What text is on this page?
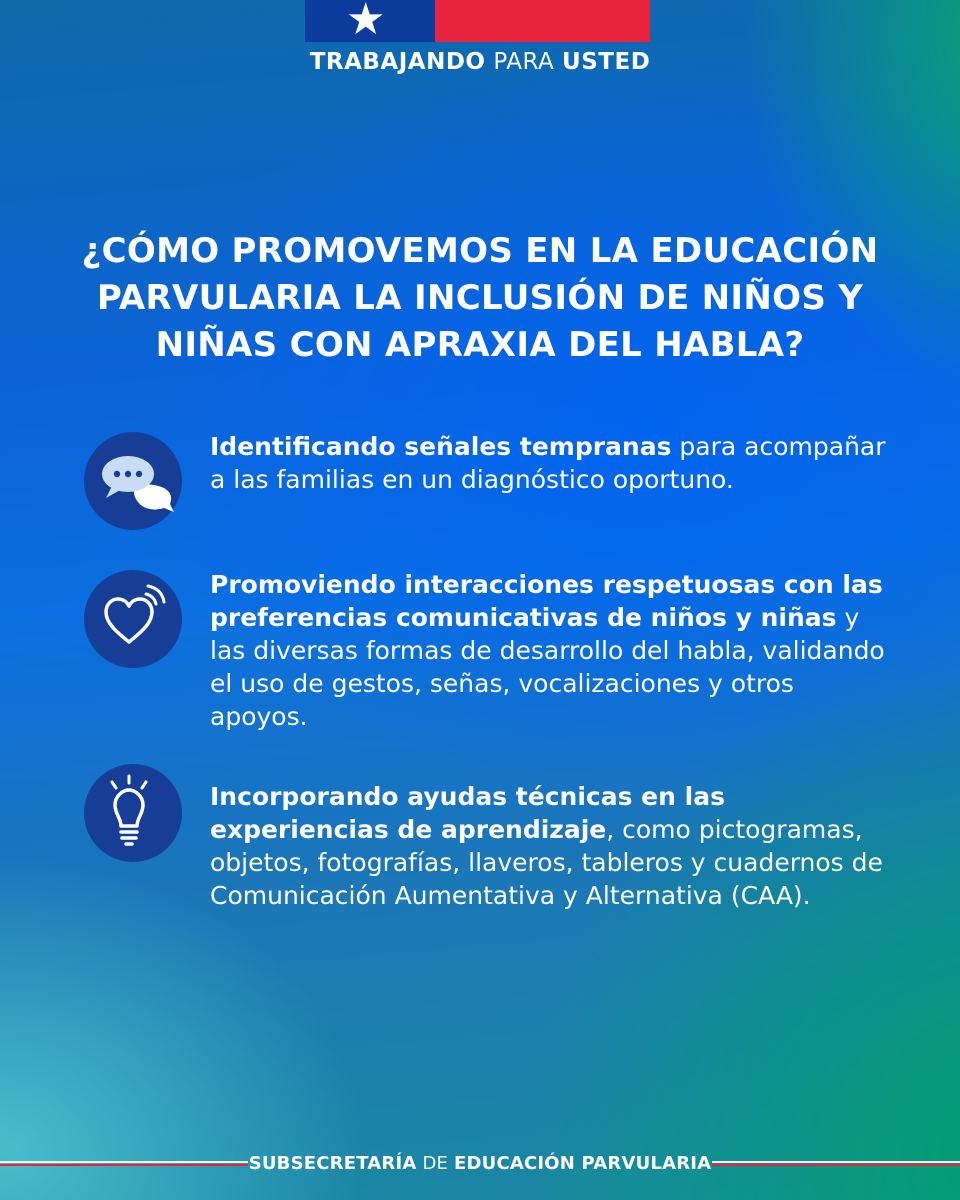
★
TRABAJANDO PARA USTED
¿CÓMO PROMOVEMOS EN LA EDUCACIÓN
PARVULARIA LA INCLUSIÓN DE NIÑOS Y
NIÑAS CON APRAXIA DEL HABLA?
Identificando señales tempranas para acompañar a las familias en un diagnóstico oportuno.
Promoviendo interacciones respetuosas con las preferencias comunicativas de niños y niñas y las diversas formas de desarrollo del habla, validando el uso de gestos, señas, vocalizaciones y otros apoyos.
Incorporando ayudas técnicas en las experiencias de aprendizaje, como pictogramas, objetos, fotografías, llaveros, tableros y cuadernos de Comunicación Aumentativa y Alternativa (CAA).
SUBSECRETARÍA DE EDUCACIÓN PARVULARIA
